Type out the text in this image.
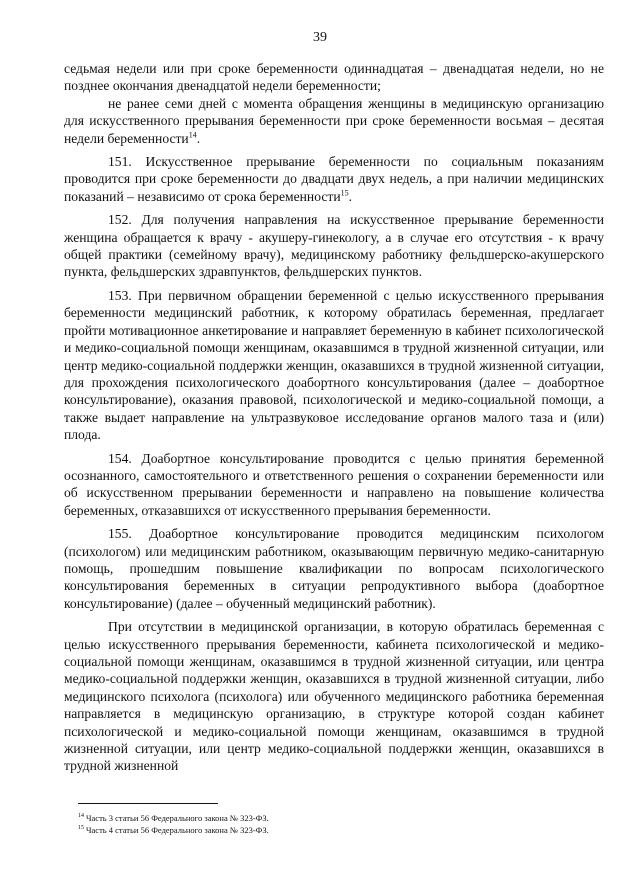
39

седьмая недели или при сроке беременности одиннадцатая – двенадцатая недели, но не позднее окончания двенадцатой недели беременности;

не ранее семи дней с момента обращения женщины в медицинскую организацию для искусственного прерывания беременности при сроке беременности восьмая – десятая недели беременности$^{14}$.

151. Искусственное прерывание беременности по социальным показаниям проводится при сроке беременности до двадцати двух недель, а при наличии медицинских показаний – независимо от срока беременности$^{15}$.

152. Для получения направления на искусственное прерывание беременности женщина обращается к врачу - акушеру-гинекологу, а в случае его отсутствия - к врачу общей практики (семейному врачу), медицинскому работнику фельдшерско-акушерского пункта, фельдшерских здравпунктов, фельдшерских пунктов.

153. При первичном обращении беременной с целью искусственного прерывания беременности медицинский работник, к которому обратилась беременная, предлагает пройти мотивационное анкетирование и направляет беременную в кабинет психологической и медико-социальной помощи женщинам, оказавшимся в трудной жизненной ситуации, или центр медико-социальной поддержки женщин, оказавшихся в трудной жизненной ситуации, для прохождения психологического доабортного консультирования (далее – доабортное консультирование), оказания правовой, психологической и медико-социальной помощи, а также выдает направление на ультразвуковое исследование органов малого таза и (или) плода.

154. Доабортное консультирование проводится с целью принятия беременной осознанного, самостоятельного и ответственного решения о сохранении беременности или об искусственном прерывании беременности и направлено на повышение количества беременных, отказавшихся от искусственного прерывания беременности.

155. Доабортное консультирование проводится медицинским психологом (психологом) или медицинским работником, оказывающим первичную медико-санитарную помощь, прошедшим повышение квалификации по вопросам психологического консультирования беременных в ситуации репродуктивного выбора (доабортное консультирование) (далее – обученный медицинский работник).

При отсутствии в медицинской организации, в которую обратилась беременная с целью искусственного прерывания беременности, кабинета психологической и медико-социальной помощи женщинам, оказавшимся в трудной жизненной ситуации, или центра медико-социальной поддержки женщин, оказавшихся в трудной жизненной ситуации, либо медицинского психолога (психолога) или обученного медицинского работника беременная направляется в медицинскую организацию, в структуре которой создан кабинет психологической и медико-социальной помощи женщинам, оказавшимся в трудной жизненной ситуации, или центр медико-социальной поддержки женщин, оказавшихся в трудной жизненной

$^{14}$ Часть 3 статьи 56 Федерального закона № 323-ФЗ.

$^{15}$ Часть 4 статьи 56 Федерального закона № 323-ФЗ.
